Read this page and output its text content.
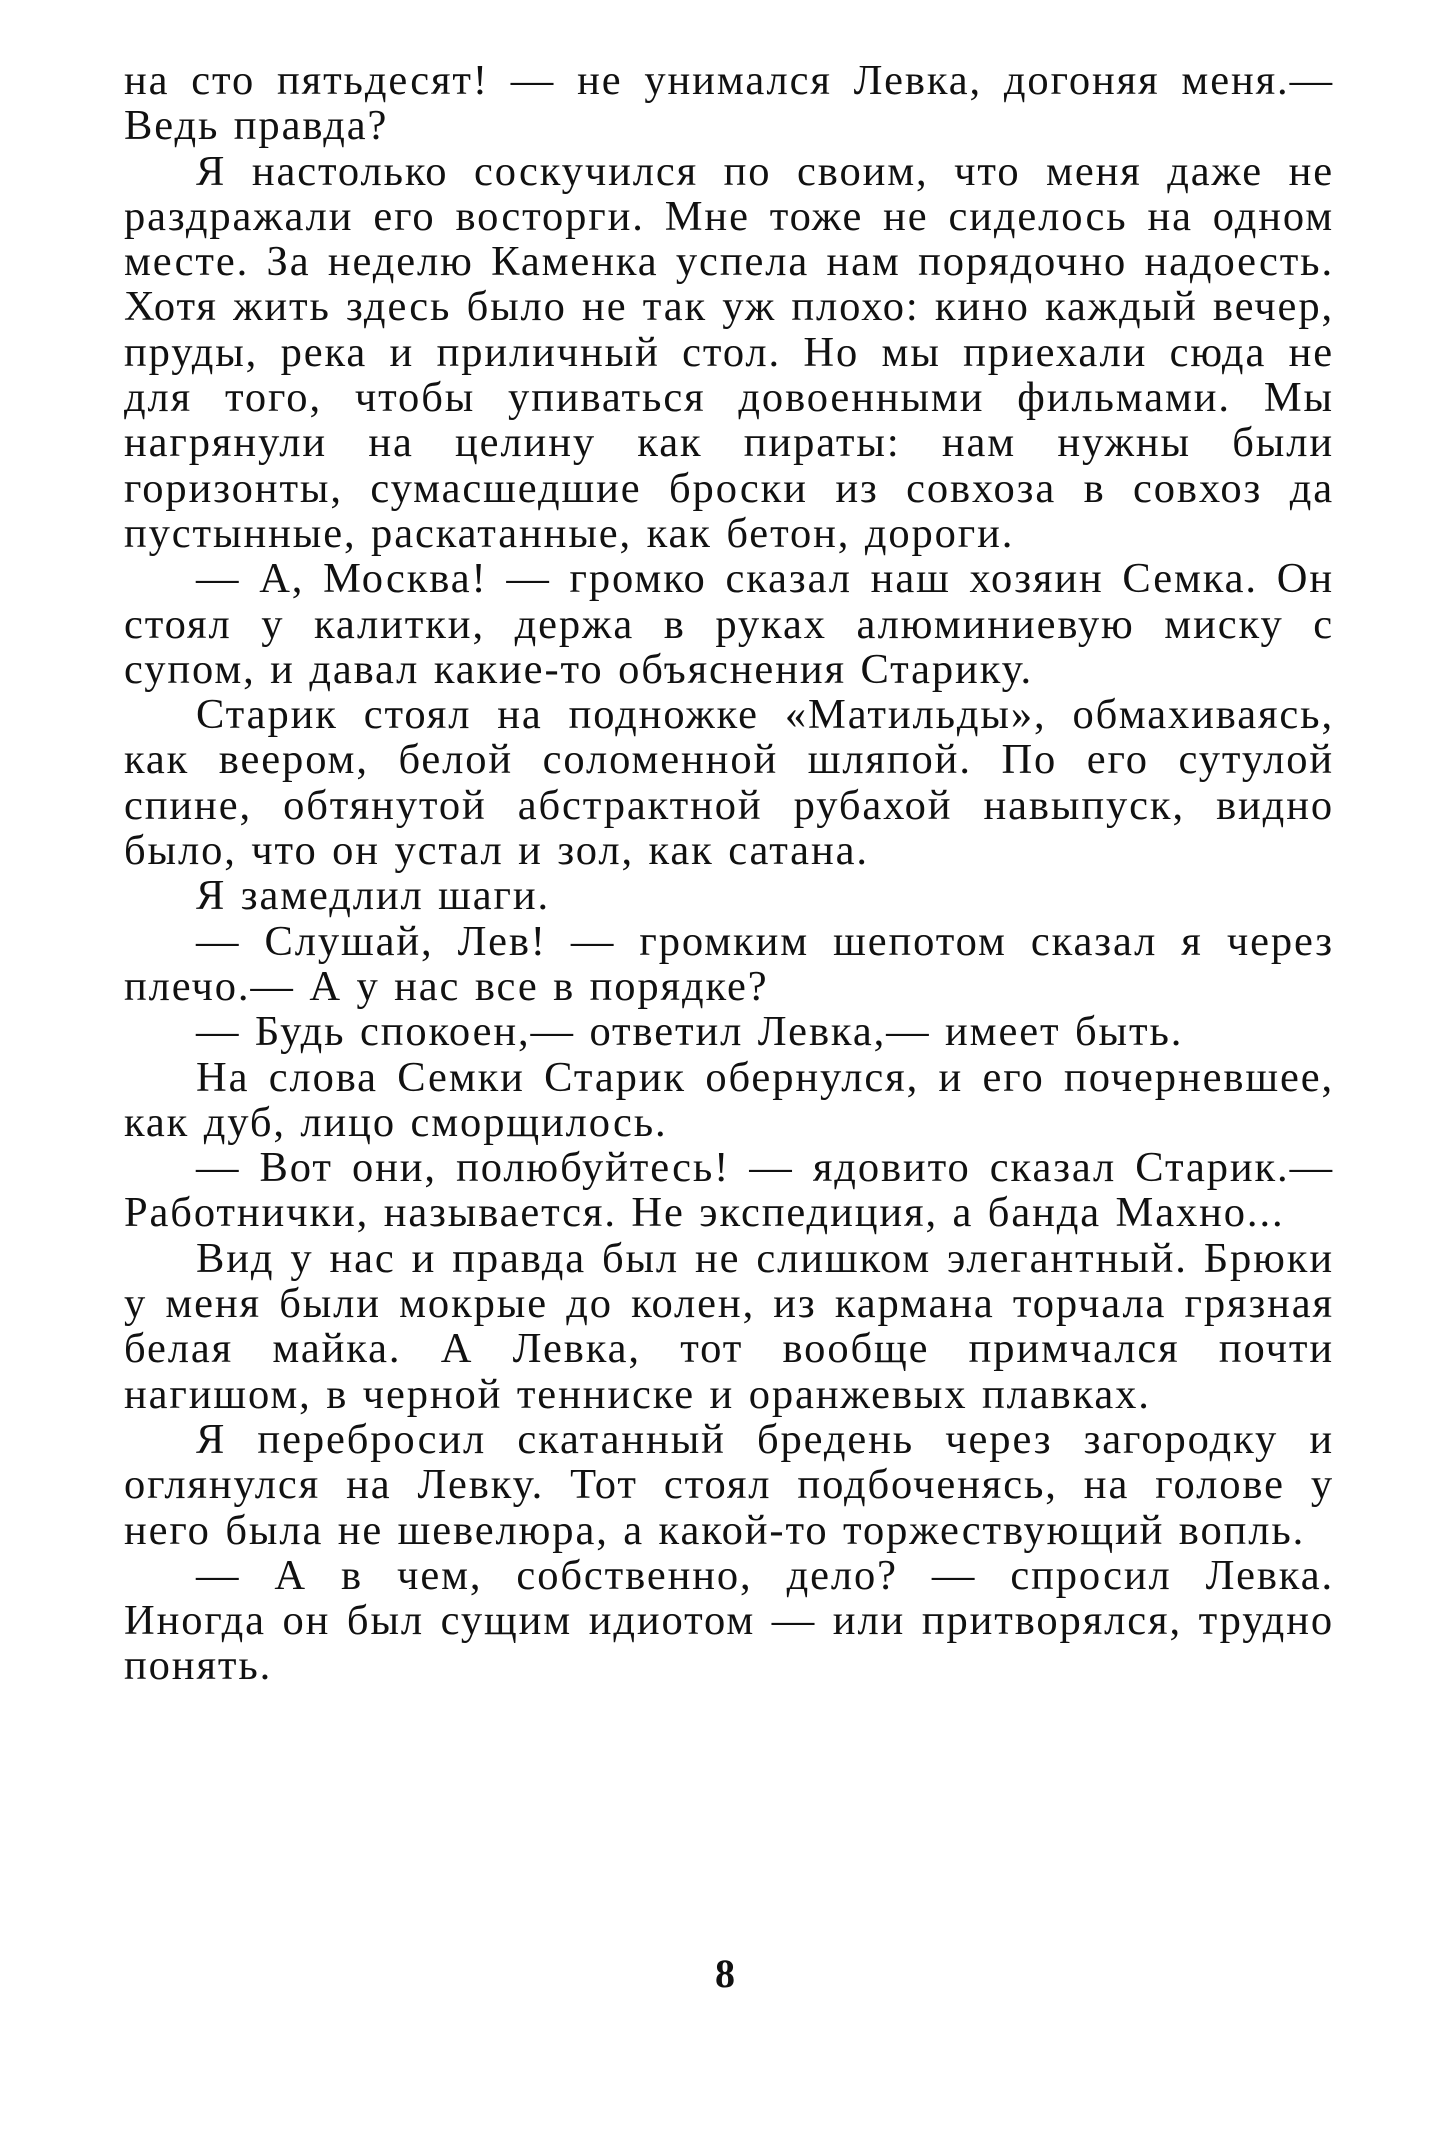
на сто пятьдесят! — не унимался Левка, догоняя меня.— Ведь правда?

Я настолько соскучился по своим, что меня даже не раздражали его восторги. Мне тоже не сиделось на одном месте. За неделю Каменка успела нам порядочно надоесть. Хотя жить здесь было не так уж плохо: кино каждый вечер, пруды, река и приличный стол. Но мы приехали сюда не для того, чтобы упиваться довоенными фильмами. Мы нагрянули на целину как пираты: нам нужны были горизонты, сумасшедшие броски из совхоза в совхоз да пустынные, раскатанные, как бетон, дороги.

— А, Москва! — громко сказал наш хозяин Семка. Он стоял у калитки, держа в руках алюминиевую миску с супом, и давал какие-то объяснения Старику.

Старик стоял на подножке «Матильды», обмахиваясь, как веером, белой соломенной шляпой. По его сутулой спине, обтянутой абстрактной рубахой навыпуск, видно было, что он устал и зол, как сатана.

Я замедлил шаги.

— Слушай, Лев! — громким шепотом сказал я через плечо.— А у нас все в порядке?

— Будь спокоен,— ответил Левка,— имеет быть.

На слова Семки Старик обернулся, и его почерневшее, как дуб, лицо сморщилось.

— Вот они, полюбуйтесь! — ядовито сказал Старик.— Работнички, называется. Не экспедиция, а банда Махно...

Вид у нас и правда был не слишком элегантный. Брюки у меня были мокрые до колен, из кармана торчала грязная белая майка. А Левка, тот вообще примчался почти нагишом, в черной тенниске и оранжевых плавках.

Я перебросил скатанный бредень через загородку и оглянулся на Левку. Тот стоял подбоченясь, на голове у него была не шевелюра, а какой-то торжествующий вопль.

— А в чем, собственно, дело? — спросил Левка. Иногда он был сущим идиотом — или притворялся, трудно понять.

8
